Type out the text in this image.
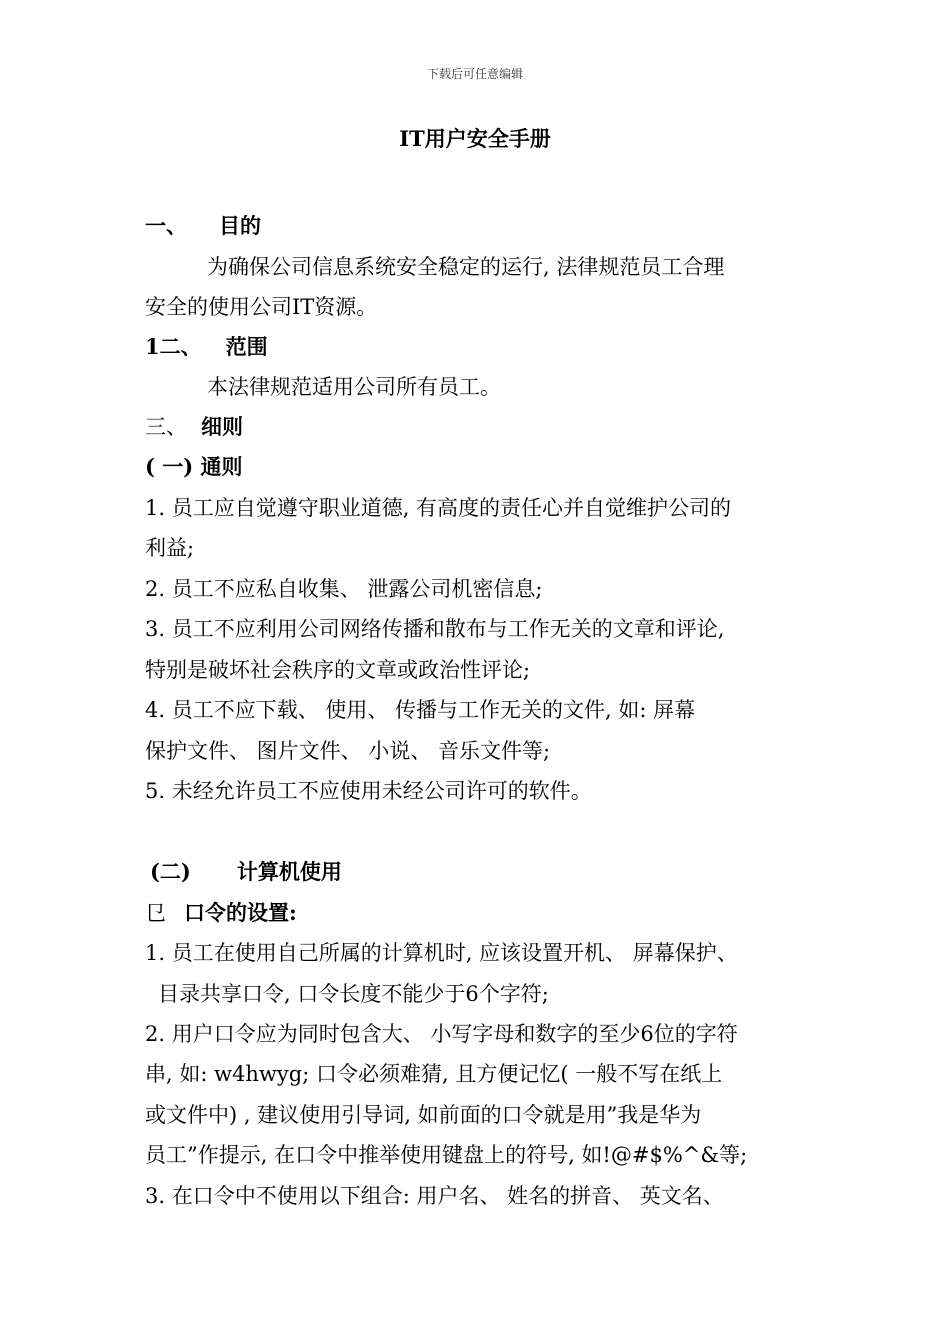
下载后可任意编辑
IT用户安全手册
一、 目的
为确保公司信息系统安全稳定的运行, 法律规范员工合理
安全的使用公司IT资源。
1二、 范围
本法律规范适用公司所有员工。
三、 细则
( 一) 通则
1. 员工应自觉遵守职业道德, 有高度的责任心并自觉维护公司的
利益;
2. 员工不应私自收集、 泄露公司机密信息;
3. 员工不应利用公司网络传播和散布与工作无关的文章和评论,
特别是破坏社会秩序的文章或政治性评论;
4. 员工不应下载、 使用、 传播与工作无关的文件, 如: 屏幕
保护文件、 图片文件、 小说、 音乐文件等;
5. 未经允许员工不应使用未经公司许可的软件。
(二) 计算机使用
㔾 口令的设置:
1. 员工在使用自己所属的计算机时, 应该设置开机、 屏幕保护、
目录共享口令, 口令长度不能少于6个字符;
2. 用户口令应为同时包含大、 小写字母和数字的至少6位的字符
串, 如: w4hwyg; 口令必须难猜, 且方便记忆( 一般不写在纸上
或文件中) , 建议使用引导词, 如前面的口令就是用”我是华为
员工”作提示, 在口令中推举使用键盘上的符号, 如!@#$%^&等;
3. 在口令中不使用以下组合: 用户名、 姓名的拼音、 英文名、
